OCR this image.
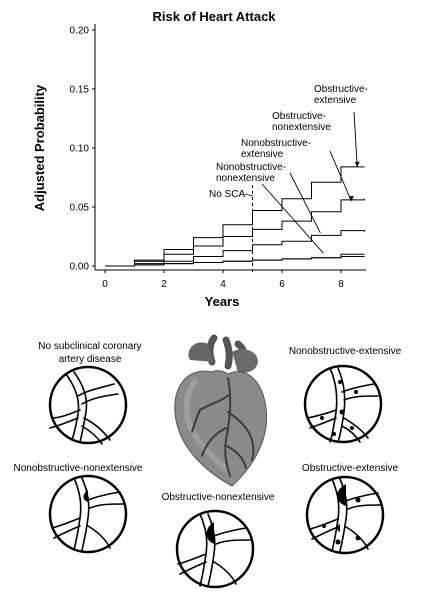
Risk of Heart Attack
Adjusted Probability
Years
0.00
0.05
0.10
0.15
0.20
0	2	4	6	8
No SCA
Nonobstructive-
nonextensive
Nonobstructive-
extensive
Obstructive-
nonextensive
Obstructive-
extensive
No subclinical coronary
artery disease
Nonobstructive-extensive
Nonobstructive-nonextensive	Obstructive-extensive
Obstructive-nonextensive
